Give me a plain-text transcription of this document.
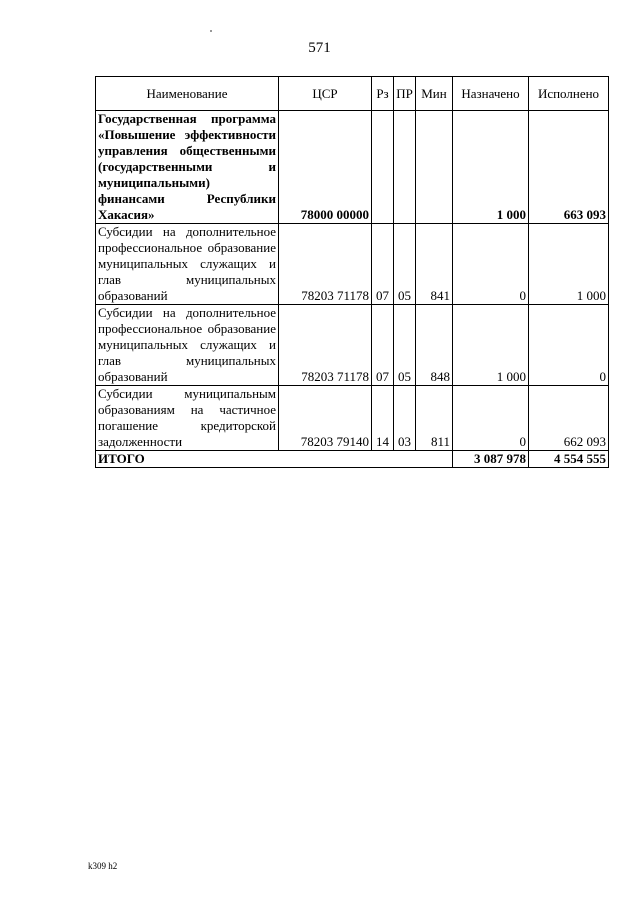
571
Наименование	ЦСР	Рз	ПР	Мин	Назначено	Исполнено
Государственная программа «Повышение эффективности управления общественными (государственными и муниципальными) финансами Республики Хакасия»	78000 00000				1 000	663 093
Субсидии на дополнительное профессиональное образование муниципальных служащих и глав муниципальных образований	78203 71178	07	05	841	0	1 000
Субсидии на дополнительное профессиональное образование муниципальных служащих и глав муниципальных образований	78203 71178	07	05	848	1 000	0
Субсидии муниципальным образованиям на частичное погашение кредиторской задолженности	78203 79140	14	03	811	0	662 093
ИТОГО					3 087 978	4 554 555
k309 h2
